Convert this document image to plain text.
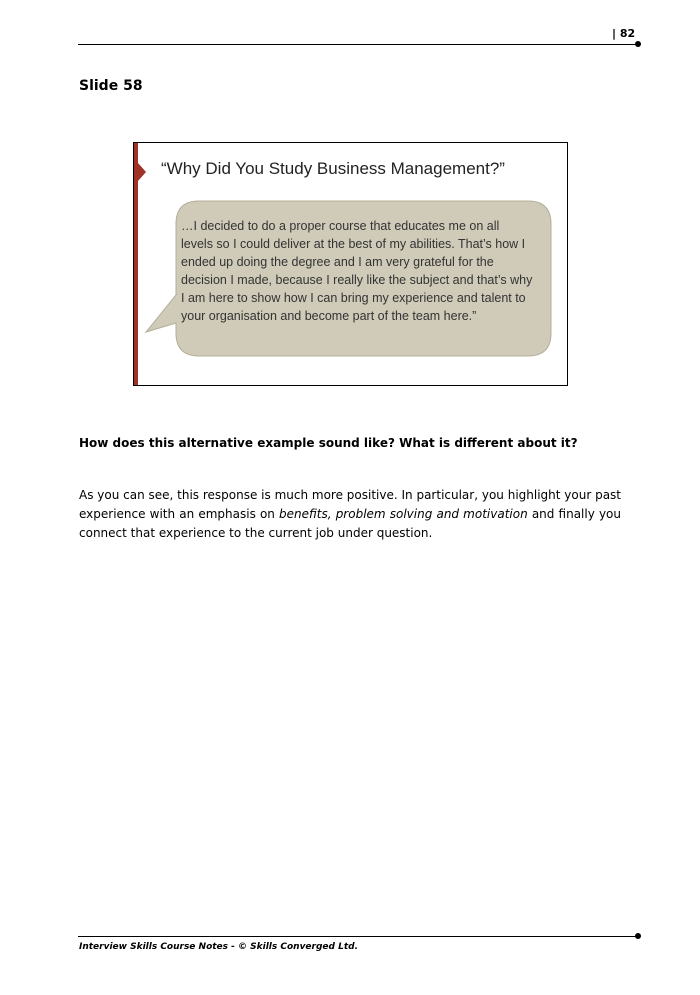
| 82
Slide 58
“Why Did You Study Business Management?”
…I decided to do a proper course that educates me on all levels so I could deliver at the best of my abilities. That’s how I ended up doing the degree and I am very grateful for the decision I made, because I really like the subject and that’s why I am here to show how I can bring my experience and talent to your organisation and become part of the team here.”
How does this alternative example sound like? What is different about it?
As you can see, this response is much more positive. In particular, you highlight your past experience with an emphasis on benefits, problem solving and motivation and finally you connect that experience to the current job under question.
Interview Skills Course Notes - © Skills Converged Ltd.
